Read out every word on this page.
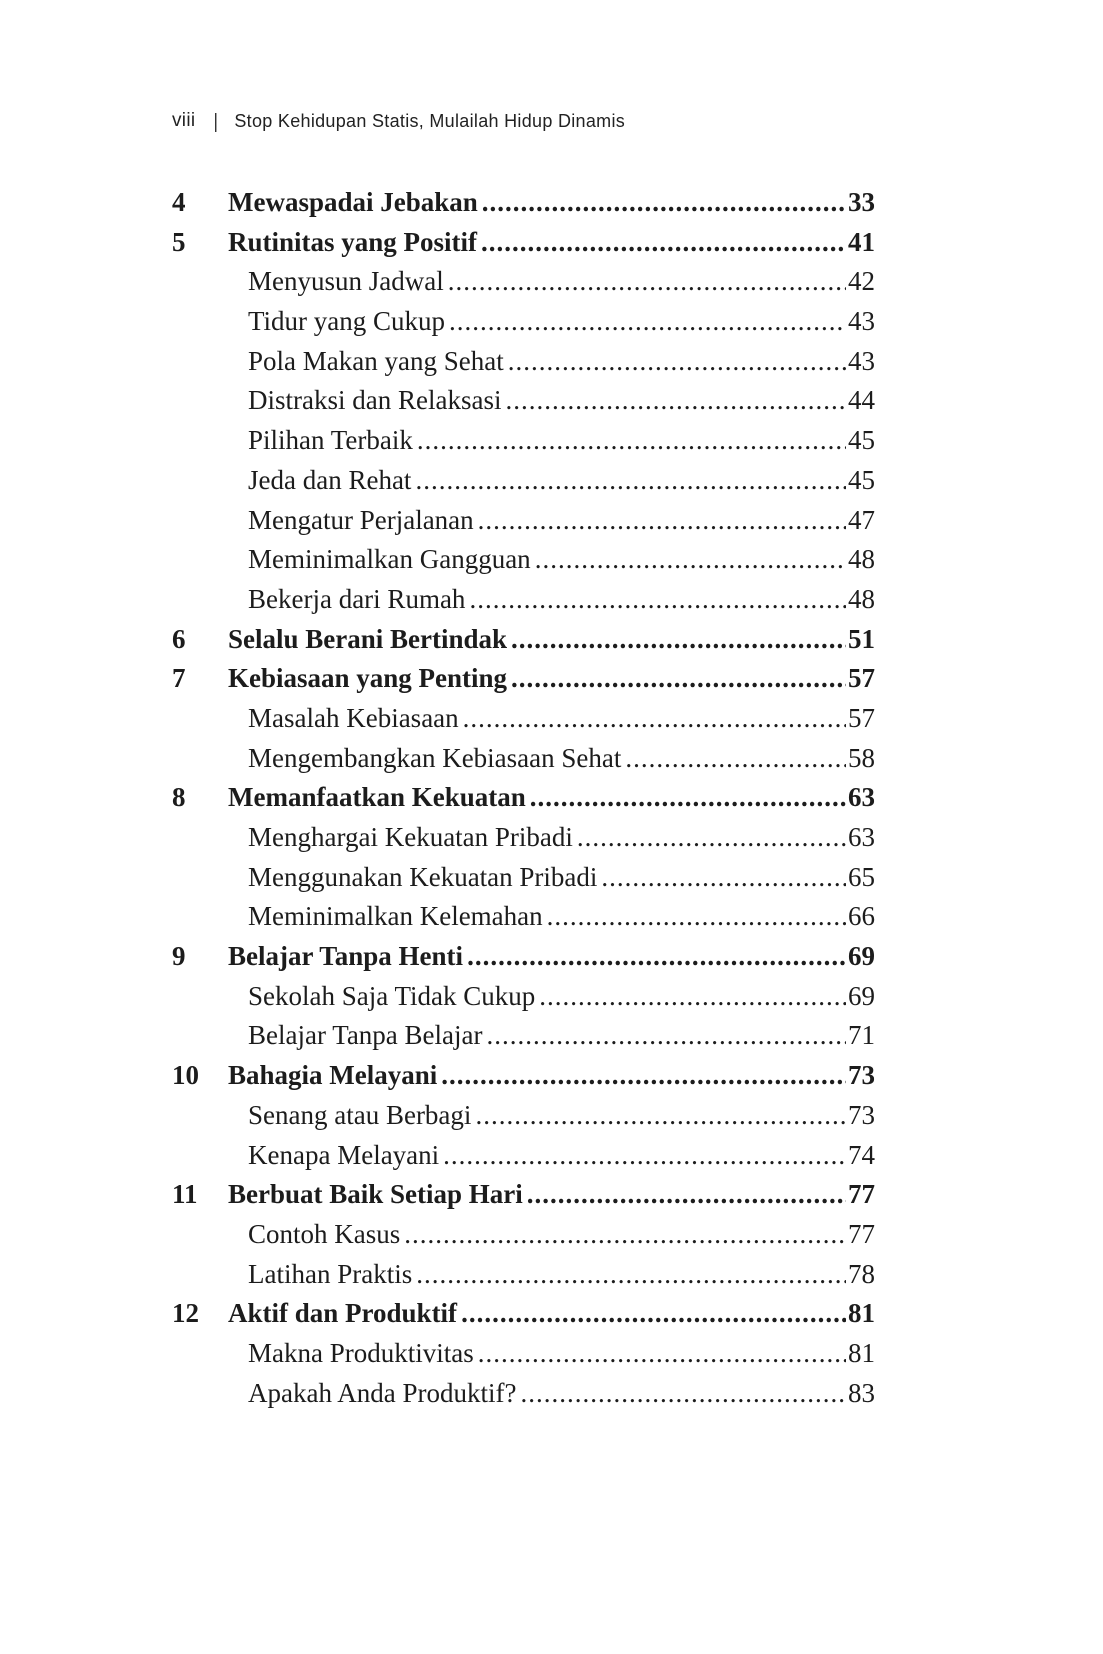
viii | Stop Kehidupan Statis, Mulailah Hidup Dinamis
4	Mewaspadai Jebakan .....	33
5	Rutinitas yang Positif .....	41
Menyusun Jadwal .....	42
Tidur yang Cukup .....	43
Pola Makan yang Sehat .....	43
Distraksi dan Relaksasi .....	44
Pilihan Terbaik .....	45
Jeda dan Rehat .....	45
Mengatur Perjalanan .....	47
Meminimalkan Gangguan .....	48
Bekerja dari Rumah .....	48
6	Selalu Berani Bertindak .....	51
7	Kebiasaan yang Penting .....	57
Masalah Kebiasaan .....	57
Mengembangkan Kebiasaan Sehat .....	58
8	Memanfaatkan Kekuatan .....	63
Menghargai Kekuatan Pribadi .....	63
Menggunakan Kekuatan Pribadi .....	65
Meminimalkan Kelemahan .....	66
9	Belajar Tanpa Henti .....	69
Sekolah Saja Tidak Cukup .....	69
Belajar Tanpa Belajar .....	71
10	Bahagia Melayani .....	73
Senang atau Berbagi .....	73
Kenapa Melayani .....	74
11	Berbuat Baik Setiap Hari .....	77
Contoh Kasus .....	77
Latihan Praktis .....	78
12	Aktif dan Produktif .....	81
Makna Produktivitas .....	81
Apakah Anda Produktif? .....	83
